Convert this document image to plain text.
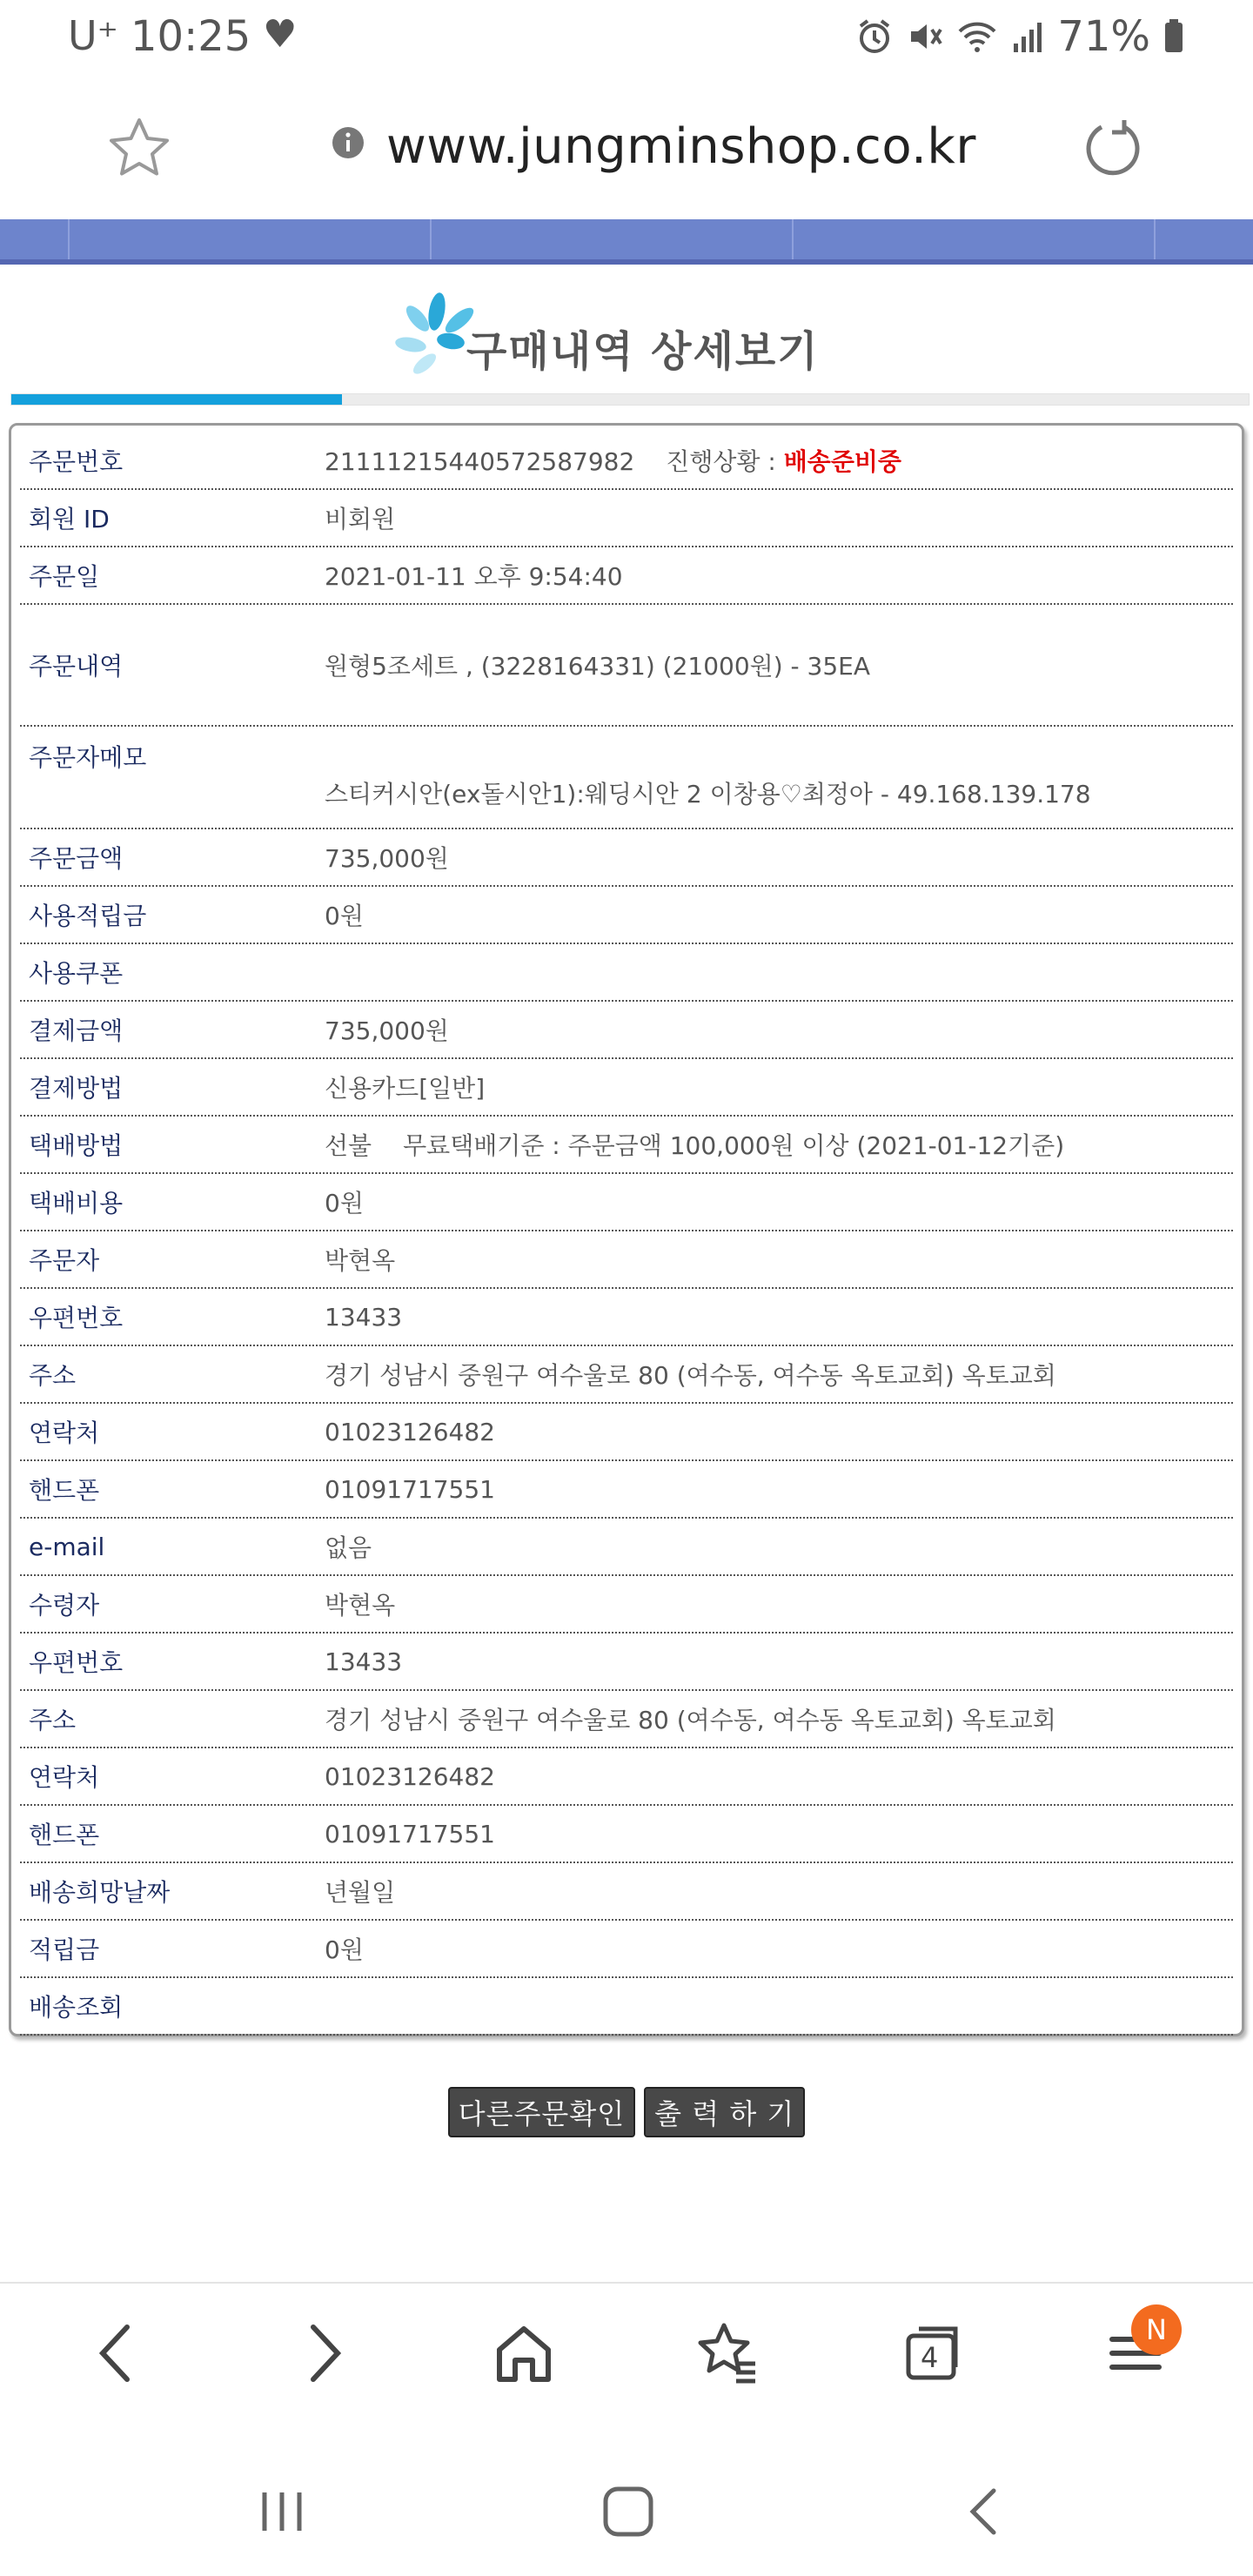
U⁺ 10:25 ♥	71%
www.jungminshop.co.kr
구매내역 상세보기
주문번호	21111215440572587982 진행상황 : 배송준비중
회원 ID	비회원
주문일	2021-01-11 오후 9:54:40
주문내역	원형5조세트 , (3228164331) (21000원) - 35EA
주문자메모
스티커시안(ex돌시안1):웨딩시안 2 이창용♡최정아 - 49.168.139.178
주문금액	735,000원
사용적립금	0원
사용쿠폰
결제금액	735,000원
결제방법	신용카드[일반]
택배방법	선불 무료택배기준 : 주문금액 100,000원 이상 (2021-01-12기준)
택배비용	0원
주문자	박현옥
우편번호	13433
주소	경기 성남시 중원구 여수울로 80 (여수동, 여수동 옥토교회) 옥토교회
연락처	01023126482
핸드폰	01091717551
e-mail	없음
수령자	박현옥
우편번호	13433
주소	경기 성남시 중원구 여수울로 80 (여수동, 여수동 옥토교회) 옥토교회
연락처	01023126482
핸드폰	01091717551
배송희망날짜	년월일
적립금	0원
배송조회
다른주문확인	출 력 하 기
4
N
